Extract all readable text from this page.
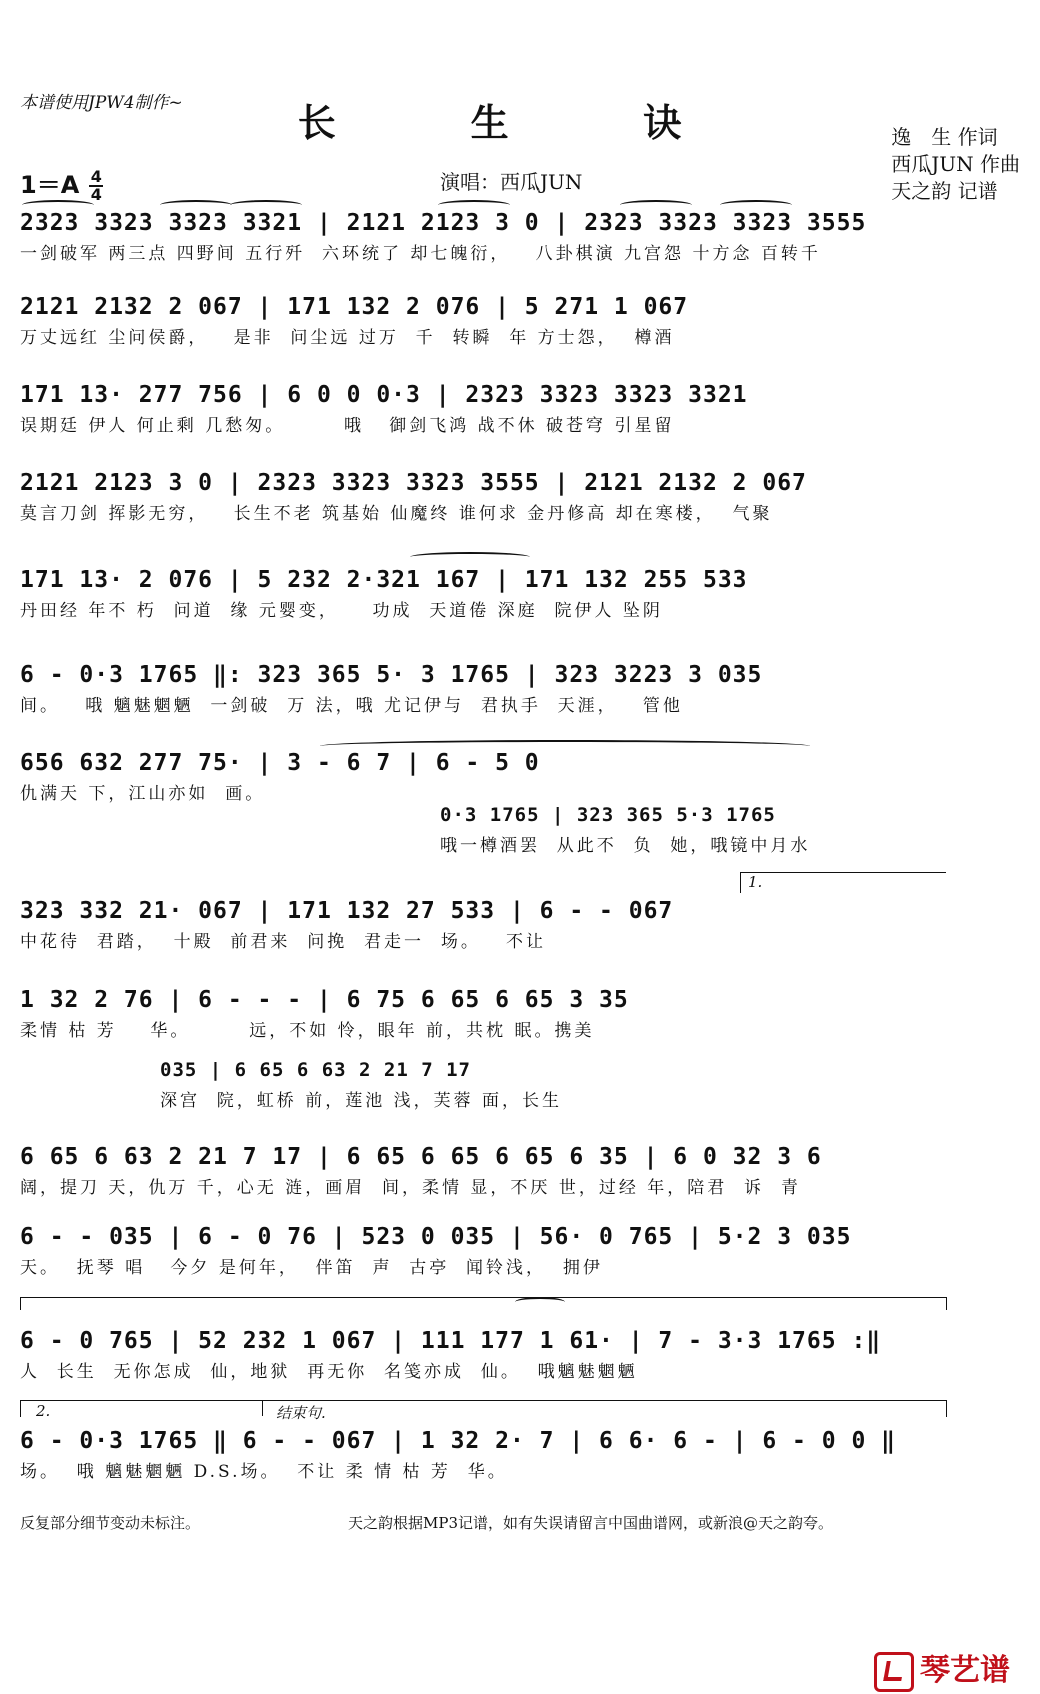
本谱使用JPW4制作~	长 生 诀	逸　生 作词
西瓜JUN 作曲
天之韵 记谱
$1=A \frac{4}{4}$	演唱：西瓜JUN
2323 3323 3323 3321 | 2121 2123 3 0 | 2323 3323 3323 3555
一剑破军 两三点 四野间 五行歼  六环统了 却七魄衍，   八卦棋演 九宫怨 十方念 百转千
2121 2132 2 067 | 171 132 2 076 | 5 271 1 067
万丈远红 尘问侯爵，   是非  问尘远 过万  千  转瞬  年 方士怨，  樽酒
171 13· 277 756 | 6 0 0 0·3 | 2323 3323 3323 3321
误期廷 伊人 何止剩 几愁匆。       哦   御剑飞鸿 战不休 破苍穹 引星留
2121 2123 3 0 | 2323 3323 3323 3555 | 2121 2132 2 067
莫言刀剑 挥影无穷，   长生不老 筑基始 仙魔终 谁何求 金丹修高 却在寒楼，  气聚
171 13· 2 076 | 5 232 2·321 167 | 171 132 255 533
丹田经 年不 朽  问道  缘 元婴变，    功成  天道倦 深庭  院伊人 坠阴
6 - 0·3 1765 ‖: 323 365 5· 3 1765 | 323 3223 3 035
间。   哦 魑魅魍魉  一剑破  万 法，哦 尤记伊与  君执手  天涯，   管他
656 632 277 75· | 3 - 6 7 | 6 - 5 0
仇满天 下，江山亦如  画。
0·3 1765 | 323 365 5·3 1765
哦一樽酒罢  从此不  负  她，哦镜中月水
1.
323 332 21· 067 | 171 132 27 533 | 6 - - 067
中花待  君踏，  十殿  前君来  问挽  君走一  场。   不让
1 32 2 76 | 6 - - - | 6 75 6 65 6 65 3 35
柔情 枯 芳    华。       远，不如 怜，眼年 前，共枕 眠。携美
035 | 6 65 6 63 2 21 7 17
深宫  院，虹桥 前，莲池 浅，芙蓉 面，长生
6 65 6 63 2 21 7 17 | 6 65 6 65 6 65 6 35 | 6 0 32 3 6
阔，提刀 天，仇万 千，心无 涟，画眉  间，柔情 显，不厌 世，过经 年，陪君  诉  青
6 - - 035 | 6 - 0 76 | 523 0 035 | 56· 0 765 | 5·2 3 035
天。  抚琴 唱   今夕 是何年，  伴笛  声  古亭  闻铃浅，  拥伊
6 - 0 765 | 52 232 1 067 | 111 177 1 61· | 7 - 3·3 1765 :‖
人  长生  无你怎成  仙，地狱  再无你  名笺亦成  仙。  哦魑魅魍魉
2.	结束句.
6 - 0·3 1765 ‖ 6 - - 067 | 1 32 2· 7 | 6 6· 6 - | 6 - 0 0 ‖
场。  哦 魑魅魍魉 D.S.场。  不让 柔 情 枯 芳  华。
反复部分细节变动未标注。	天之韵根据MP3记谱，如有失误请留言中国曲谱网，或新浪@天之韵夸。
琴艺谱
